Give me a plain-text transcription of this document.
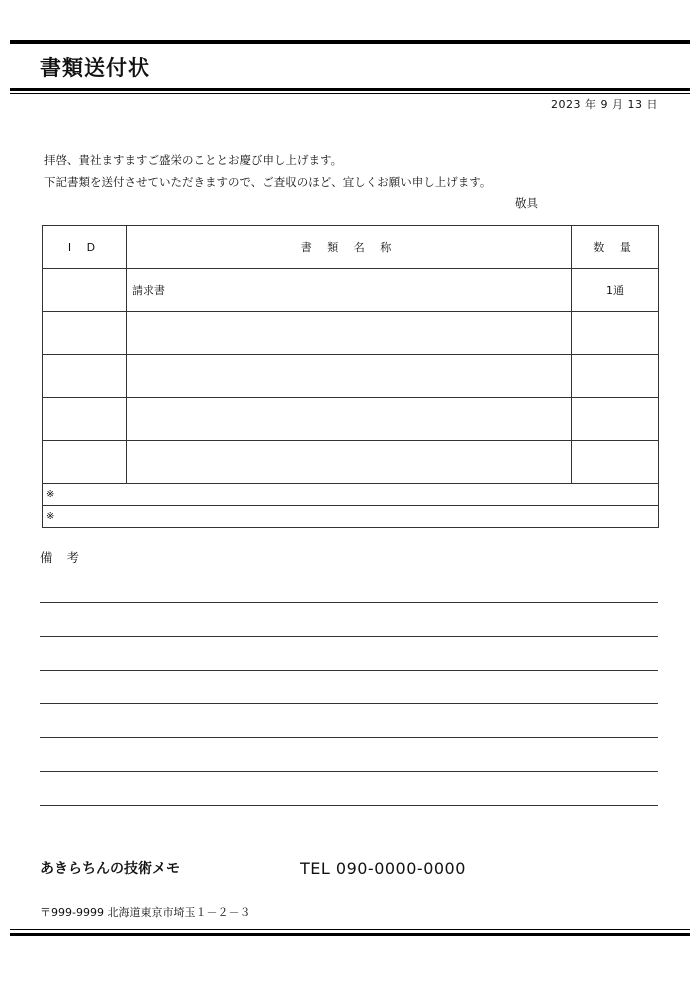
書類送付状
2023 年 9 月 13 日
拝啓、貴社ますますご盛栄のこととお慶び申し上げます。
下記書類を送付させていただきますので、ご査収のほど、宜しくお願い申し上げます。
敬具
I D	書 類 名 称	数 量
	請求書	1通

※		
※		
備 考
あきらちんの技術メモ	TEL 090-0000-0000
〒999-9999 北海道東京市埼玉１－２－３
